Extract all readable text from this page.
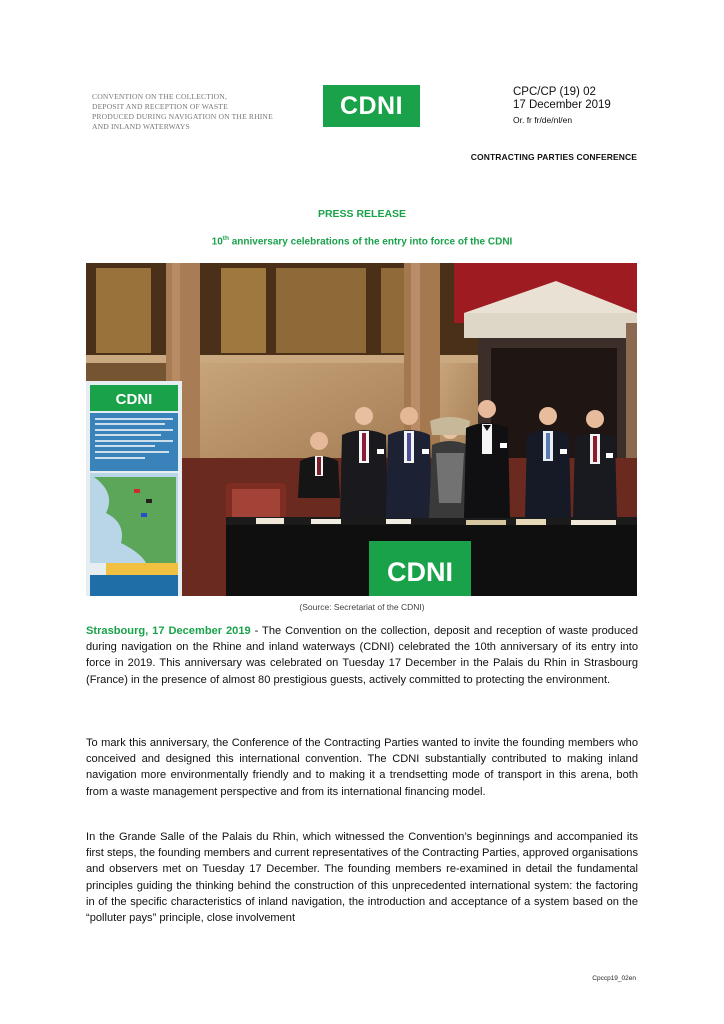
CONVENTION ON THE COLLECTION,
DEPOSIT AND RECEPTION OF WASTE
PRODUCED DURING NAVIGATION ON THE RHINE
AND INLAND WATERWAYS
CDNI	CPC/CP (19) 02
17 December 2019
Or. fr fr/de/nl/en
CONTRACTING PARTIES CONFERENCE
PRESS RELEASE
10th anniversary celebrations of the entry into force of the CDNI
CDNI
CDNI
(Source: Secretariat of the CDNI)

Strasbourg, 17 December 2019 - The Convention on the collection, deposit and reception of waste produced during navigation on the Rhine and inland waterways (CDNI) celebrated the 10th anniversary of its entry into force in 2019. This anniversary was celebrated on Tuesday 17 December in the Palais du Rhin in Strasbourg (France) in the presence of almost 80 prestigious guests, actively committed to protecting the environment.

To mark this anniversary, the Conference of the Contracting Parties wanted to invite the founding members who conceived and designed this international convention. The CDNI substantially contributed to making inland navigation more environmentally friendly and to making it a trendsetting mode of transport in this arena, both from a waste management perspective and from its international financing model.

In the Grande Salle of the Palais du Rhin, which witnessed the Convention’s beginnings and accompanied its first steps, the founding members and current representatives of the Contracting Parties, approved organisations and observers met on Tuesday 17 December. The founding members re-examined in detail the fundamental principles guiding the thinking behind the construction of this unprecedented international system: the factoring in of the specific characteristics of inland navigation, the introduction and acceptance of a system based on the “polluter pays” principle, close involvement

Cpccp19_02en
